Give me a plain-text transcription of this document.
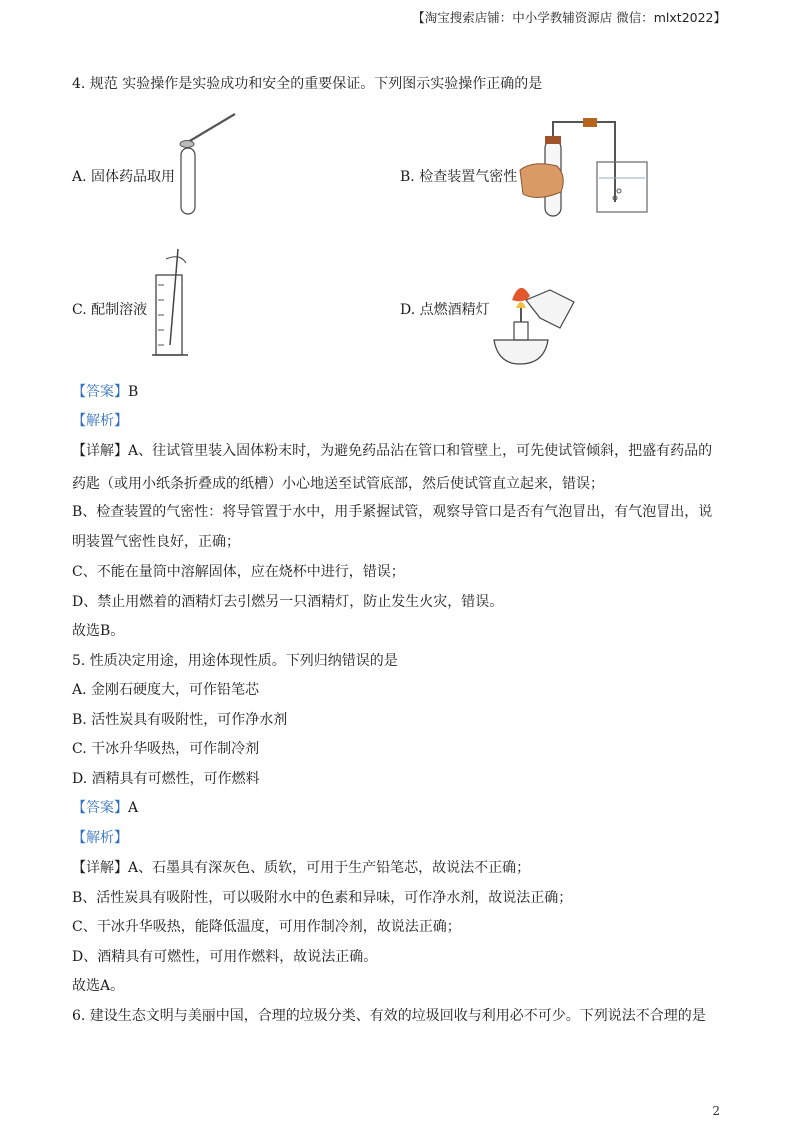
【淘宝搜索店铺：中小学教辅资源店 微信：mlxt2022】
4. 规范 实验操作是实验成功和安全的重要保证。下列图示实验操作正确的是
A. 固体药品取用	B. 检查装置气密性
C. 配制溶液	D. 点燃酒精灯
【答案】B
【解析】
【详解】A、往试管里装入固体粉末时，为避免药品沾在管口和管壁上，可先使试管倾斜，把盛有药品的
药匙（或用小纸条折叠成的纸槽）小心地送至试管底部，然后使试管直立起来，错误；
B、检查装置的气密性：将导管置于水中，用手紧握试管，观察导管口是否有气泡冒出，有气泡冒出，说
明装置气密性良好，正确；
C、不能在量筒中溶解固体，应在烧杯中进行，错误；
D、禁止用燃着的酒精灯去引燃另一只酒精灯，防止发生火灾，错误。
故选B。
5. 性质决定用途，用途体现性质。下列归纳错误的是
A. 金刚石硬度大，可作铅笔芯
B. 活性炭具有吸附性，可作净水剂
C. 干冰升华吸热，可作制冷剂
D. 酒精具有可燃性，可作燃料
【答案】A
【解析】
【详解】A、石墨具有深灰色、质软，可用于生产铅笔芯，故说法不正确；
B、活性炭具有吸附性，可以吸附水中的色素和异味，可作净水剂，故说法正确；
C、干冰升华吸热，能降低温度，可用作制冷剂，故说法正确；
D、酒精具有可燃性，可用作燃料，故说法正确。
故选A。
6. 建设生态文明与美丽中国，合理的垃圾分类、有效的垃圾回收与利用必不可少。下列说法不合理的是
2
